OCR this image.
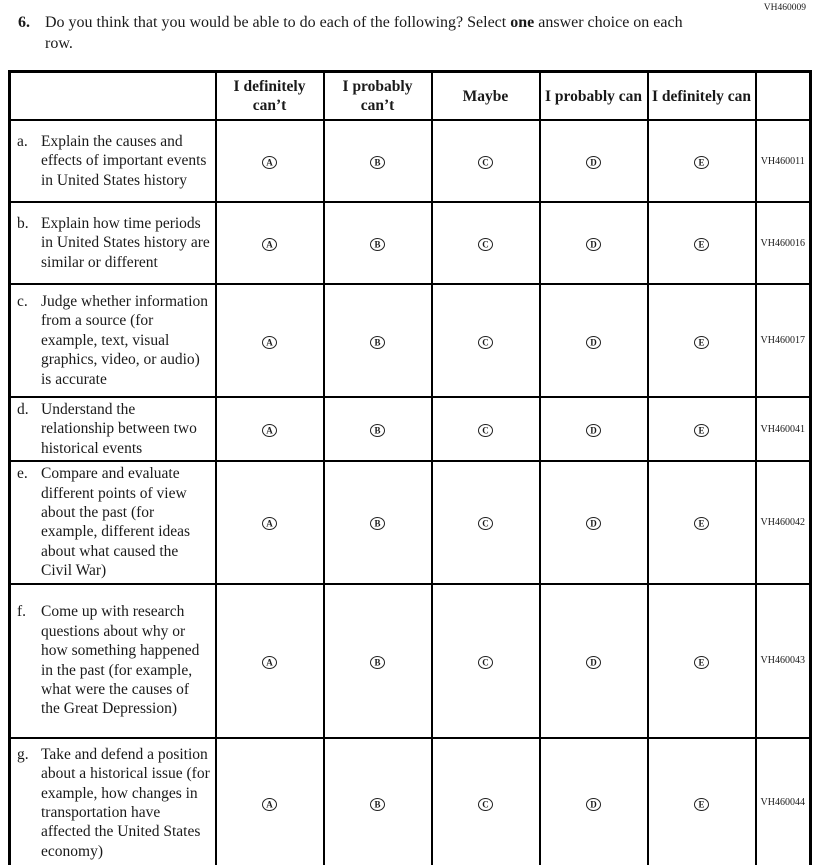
VH460009
6. Do you think that you would be able to do each of the following? Select one answer choice on each row.
	I definitely can’t	I probably can’t	Maybe	I probably can	I definitely can	

a. Explain the causes and effects of important events in United States history	A	B	C	D	E	VH460011

b. Explain how time periods in United States history are similar or different	A	B	C	D	E	VH460016

c. Judge whether information from a source (for example, text, visual graphics, video, or audio) is accurate	A	B	C	D	E	VH460017

d. Understand the relationship between two historical events	A	B	C	D	E	VH460041

e. Compare and evaluate different points of view about the past (for example, different ideas about what caused the Civil War)	A	B	C	D	E	VH460042

f. Come up with research questions about why or how something happened in the past (for example, what were the causes of the Great Depression)	A	B	C	D	E	VH460043

g. Take and defend a position about a historical issue (for example, how changes in transportation have affected the United States economy)	A	B	C	D	E	VH460044
